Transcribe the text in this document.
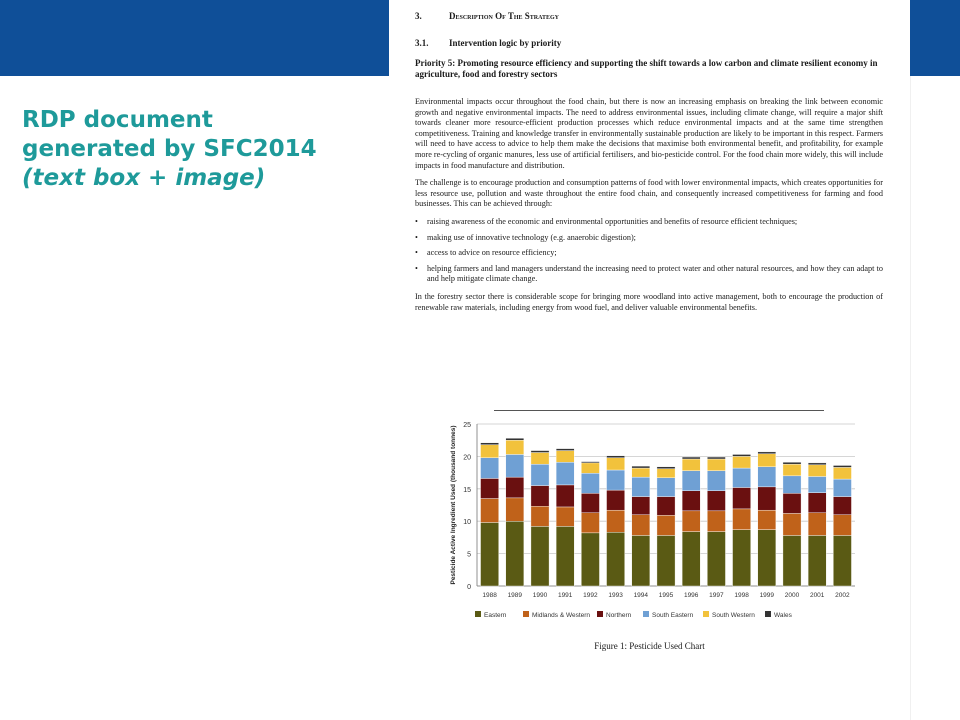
RDP document
generated by SFC2014
(text box + image)
3.	Description Of The Strategy
3.1. Intervention logic by priority
Priority 5: Promoting resource efficiency and supporting the shift towards a low carbon and climate resilient economy in agriculture, food and forestry sectors

Environmental impacts occur throughout the food chain, but there is now an increasing emphasis on breaking the link between economic growth and negative environmental impacts. The need to address environmental issues, including climate change, will require a major shift towards cleaner more resource-efficient production processes which reduce environmental impacts and at the same time strengthen competitiveness. Training and knowledge transfer in environmentally sustainable production are likely to be important in this respect. Farmers will need to have access to advice to help them make the decisions that maximise both environmental benefit, and profitability, for example more re-cycling of organic manures, less use of artificial fertilisers, and bio-pesticide control. For the food chain more widely, this will include impacts in food manufacture and distribution.

The challenge is to encourage production and consumption patterns of food with lower environmental impacts, which creates opportunities for less resource use, pollution and waste throughout the entire food chain, and consequently increased competitiveness for farming and food businesses. This can be achieved through:

• raising awareness of the economic and environmental opportunities and benefits of resource efficient techniques;
• making use of innovative technology (e.g. anaerobic digestion);
• access to advice on resource efficiency;
• helping farmers and land managers understand the increasing need to protect water and other natural resources, and how they can adapt to and help mitigate climate change.

In the forestry sector there is considerable scope for bringing more woodland into active management, both to encourage the production of renewable raw materials, including energy from wood fuel, and deliver valuable environmental benefits.

0
5
10
15
20
25
Pesticide Active Ingredient Used (thousand tonnes)
1988 1989 1990 1991 1992 1993 1994 1995 1996 1997 1998 1999 2000 2001 2002
Eastern	Midlands & Western Northern	South Eastern	South Western	Wales
Figure 1: Pesticide Used Chart
